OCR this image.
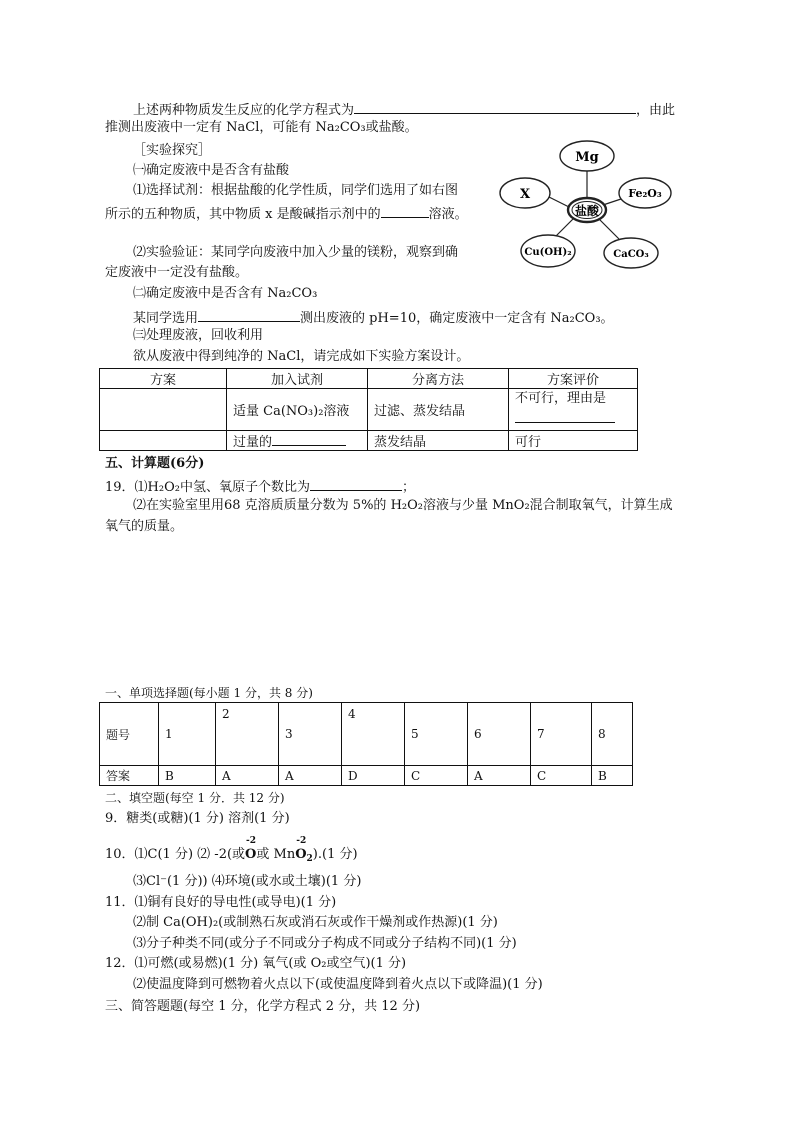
上述两种物质发生反应的化学方程式为	，由此
推测出废液中一定有 NaCl，可能有 Na₂CO₃或盐酸。
［实验探究］
㈠确定废液中是否含有盐酸
⑴选择试剂：根据盐酸的化学性质，同学们选用了如右图
所示的五种物质，其中物质 x 是酸碱指示剂中的	溶液。
⑵实验验证：某同学向废液中加入少量的镁粉，观察到确
定废液中一定没有盐酸。
㈡确定废液中是否含有 Na₂CO₃
某同学选用	测出废液的 pH=10，确定废液中一定含有 Na₂CO₃。
㈢处理废液，回收利用
欲从废液中得到纯净的 NaCl，请完成如下实验方案设计。
盐酸
Mg
X	Fe₂O₃
Cu(OH)₂	CaCO₃
方案	加入试剂	分离方法	方案评价
	适量 Ca(NO₃)₂溶液	过滤、蒸发结晶	不可行，理由是

	过量的	蒸发结晶	可行
五、计算题(6分)
19．⑴H₂O₂中氢、氧原子个数比为	；
⑵在实验室里用68 克溶质质量分数为 5%的 H₂O₂溶液与少量 MnO₂混合制取氧气，计算生成
氧气的质量。
一、单项选择题(每小题 1 分，共 8 分)
题号	1	2	3	4	5	6	7	8
答案	B	A	A	D	C	A	C	B
二、填空题(每空 1 分．共 12 分)
9．糖类(或糖)(1 分) 溶剂(1 分)
10．⑴C(1 分) ⑵ -2(或
-2
O或 Mn
-2
$O_2).(1$ 分)
⑶Cl⁻(1 分)) ⑷环境(或水或土壤)(1 分)
11．⑴铜有良好的导电性(或导电)(1 分)
⑵制 Ca(OH)₂(或制熟石灰或消石灰或作干燥剂或作热源)(1 分)
⑶分子种类不同(或分子不同或分子构成不同或分子结构不同)(1 分)
12．⑴可燃(或易燃)(1 分) 氧气(或 O₂或空气)(1 分)
⑵使温度降到可燃物着火点以下(或使温度降到着火点以下或降温)(1 分)
三、简答题题(每空 1 分，化学方程式 2 分，共 12 分)
